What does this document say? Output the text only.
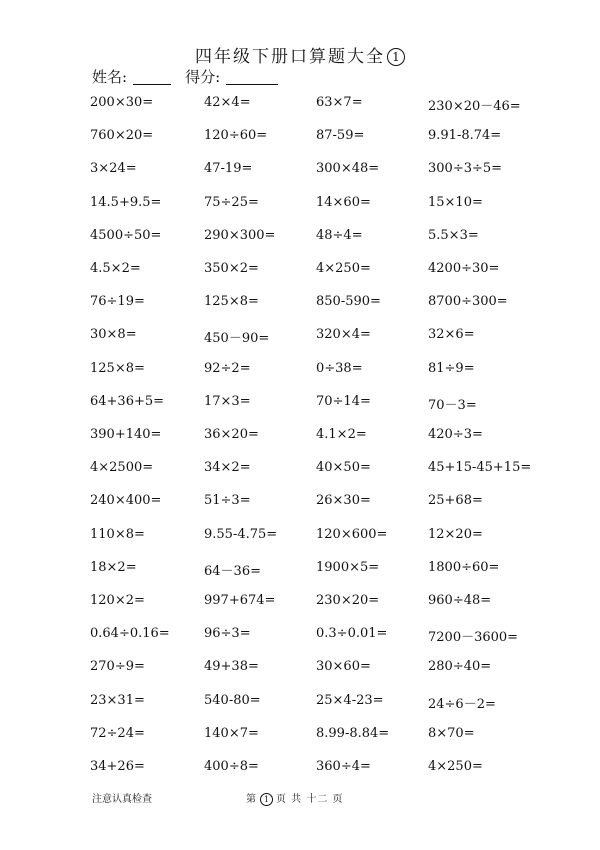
四年级下册口算题大全 1
姓名:	得分:
200×30=	42×4=	63×7=	230×20－46=
760×20=	120÷60=	87-59=	9.91-8.74=
3×24=	47-19=	300×48=	300÷3÷5=
14.5+9.5=	75÷25=	14×60=	15×10=
4500÷50=	290×300=	48÷4=	5.5×3=
4.5×2=	350×2=	4×250=	4200÷30=
76÷19=	125×8=	850-590=	8700÷300=
30×8=	450－90=	320×4=	32×6=
125×8=	92÷2=	0÷38=	81÷9=
64+36+5=	17×3=	70÷14=	70－3=
390+140=	36×20=	4.1×2=	420÷3=
4×2500=	34×2=	40×50=	45+15-45+15=
240×400=	51÷3=	26×30=	25+68=
110×8=	9.55-4.75=	120×600=	12×20=
18×2=	64－36=	1900×5=	1800÷60=
120×2=	997+674=	230×20=	960÷48=
0.64÷0.16=	96÷3=	0.3÷0.01=	7200－3600=
270÷9=	49+38=	30×60=	280÷40=
23×31=	540-80=	25×4-23=	24÷6－2=
72÷24=	140×7=	8.99-8.84=	8×70=
34+26=	400÷8=	360÷4=	4×250=
注意认真检查	第 1 页 共 十二 页
